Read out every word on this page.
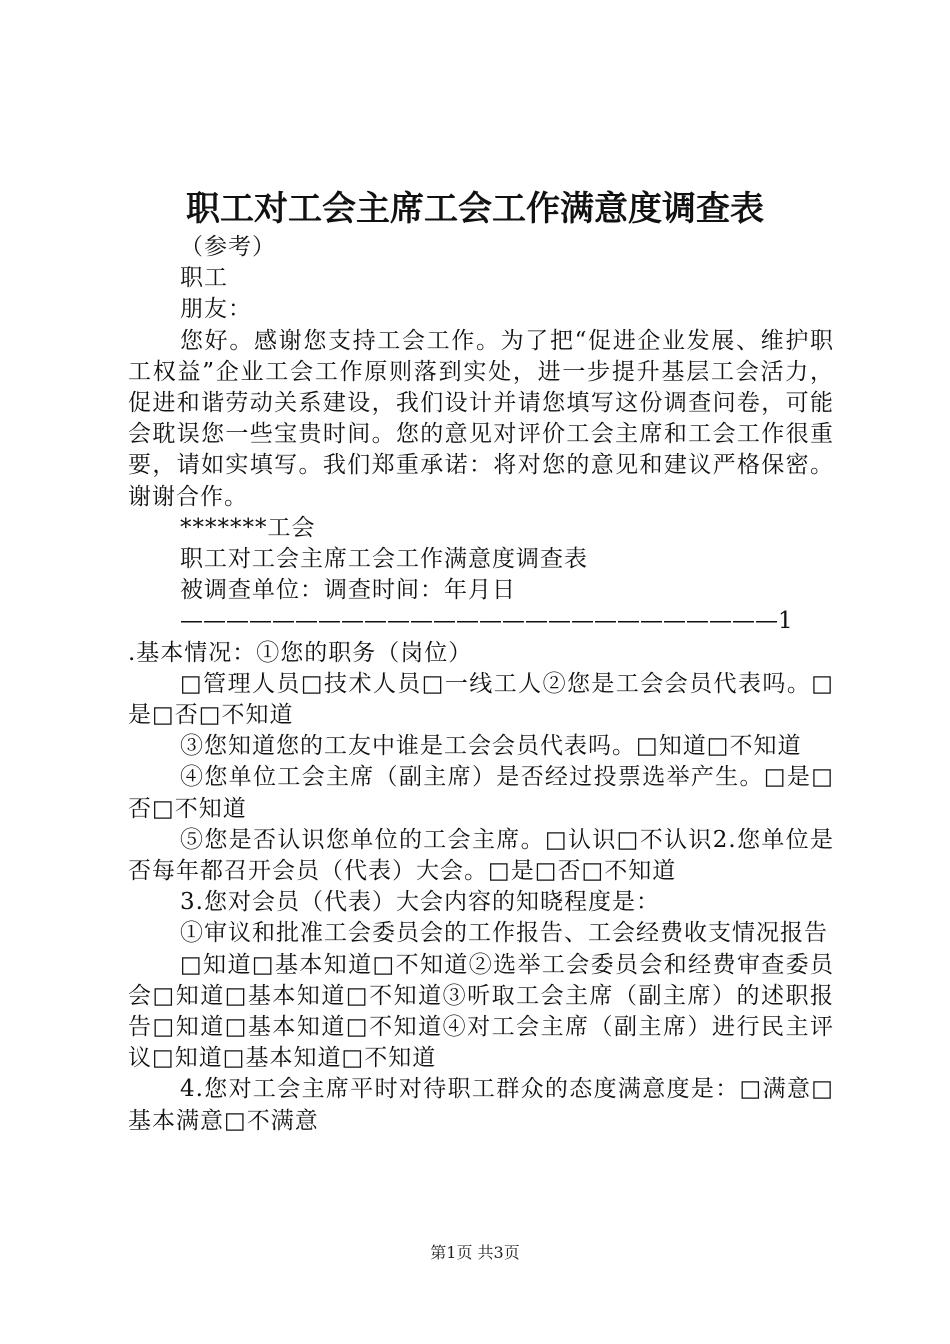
职工对工会主席工会工作满意度调查表

（参考）

职工

朋友：

您好。感谢您支持工会工作。为了把“促进企业发展、维护职工权益”企业工会工作原则落到实处，进一步提升基层工会活力，促进和谐劳动关系建设，我们设计并请您填写这份调查问卷，可能会耽误您一些宝贵时间。您的意见对评价工会主席和工会工作很重要，请如实填写。我们郑重承诺：将对您的意见和建议严格保密。谢谢合作。

*******工会

职工对工会主席工会工作满意度调查表

被调查单位：调查时间：年月日

——————————————————————————1

.基本情况：①您的职务（岗位）

□管理人员□技术人员□一线工人②您是工会会员代表吗。□是□否□不知道

③您知道您的工友中谁是工会会员代表吗。□知道□不知道

④您单位工会主席（副主席）是否经过投票选举产生。□是□否□不知道

⑤您是否认识您单位的工会主席。□认识□不认识2.您单位是否每年都召开会员（代表）大会。□是□否□不知道

3.您对会员（代表）大会内容的知晓程度是：

①审议和批准工会委员会的工作报告、工会经费收支情况报告

□知道□基本知道□不知道②选举工会委员会和经费审查委员会□知道□基本知道□不知道③听取工会主席（副主席）的述职报告□知道□基本知道□不知道④对工会主席（副主席）进行民主评议□知道□基本知道□不知道

4.您对工会主席平时对待职工群众的态度满意度是：□满意□基本满意□不满意

第1页 共3页
